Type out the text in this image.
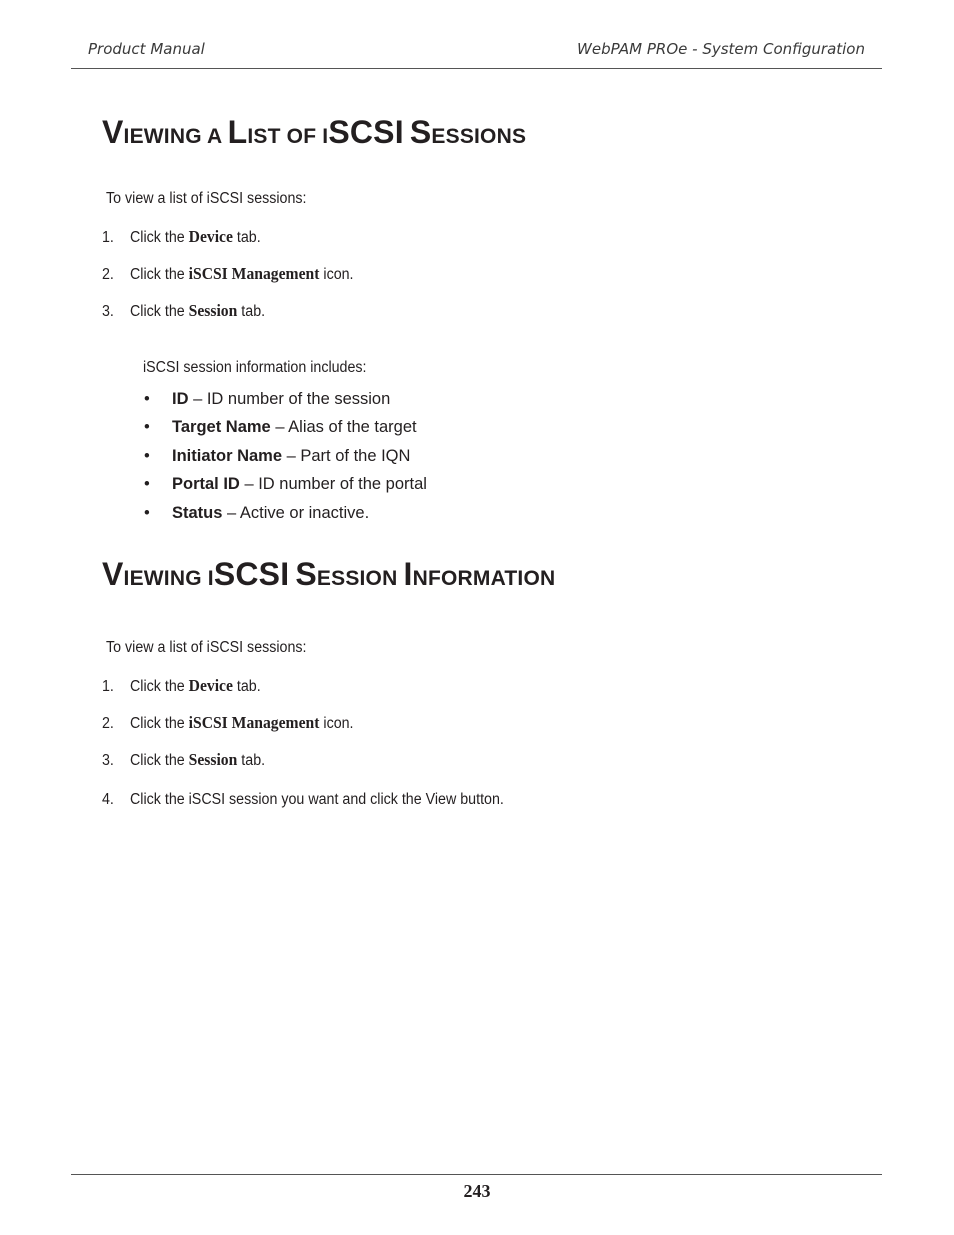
Product Manual	WebPAM PROe - System Configuration
VIEWING A LIST OF ISCSI SESSIONS
To view a list of iSCSI sessions:
1. Click the Device tab.
2. Click the iSCSI Management icon.
3. Click the Session tab.
iSCSI session information includes:
• ID – ID number of the session
• Target Name – Alias of the target
• Initiator Name – Part of the IQN
• Portal ID – ID number of the portal
• Status – Active or inactive.
VIEWING ISCSI SESSION INFORMATION
To view a list of iSCSI sessions:
1. Click the Device tab.
2. Click the iSCSI Management icon.
3. Click the Session tab.
4. Click the iSCSI session you want and click the View button.
243
